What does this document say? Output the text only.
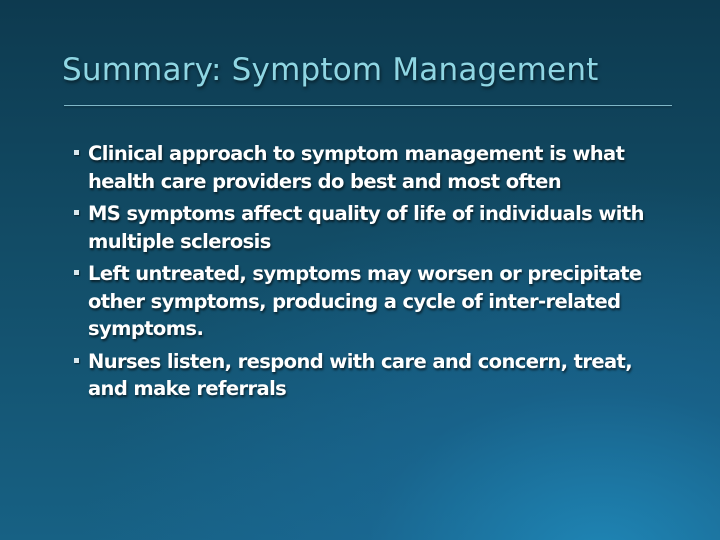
Summary: Symptom Management
Clinical approach to symptom management is what health care providers do best and most often
MS symptoms affect quality of life of individuals with multiple sclerosis
Left untreated, symptoms may worsen or precipitate other symptoms, producing a cycle of inter-related symptoms.
Nurses listen, respond with care and concern, treat, and make referrals
